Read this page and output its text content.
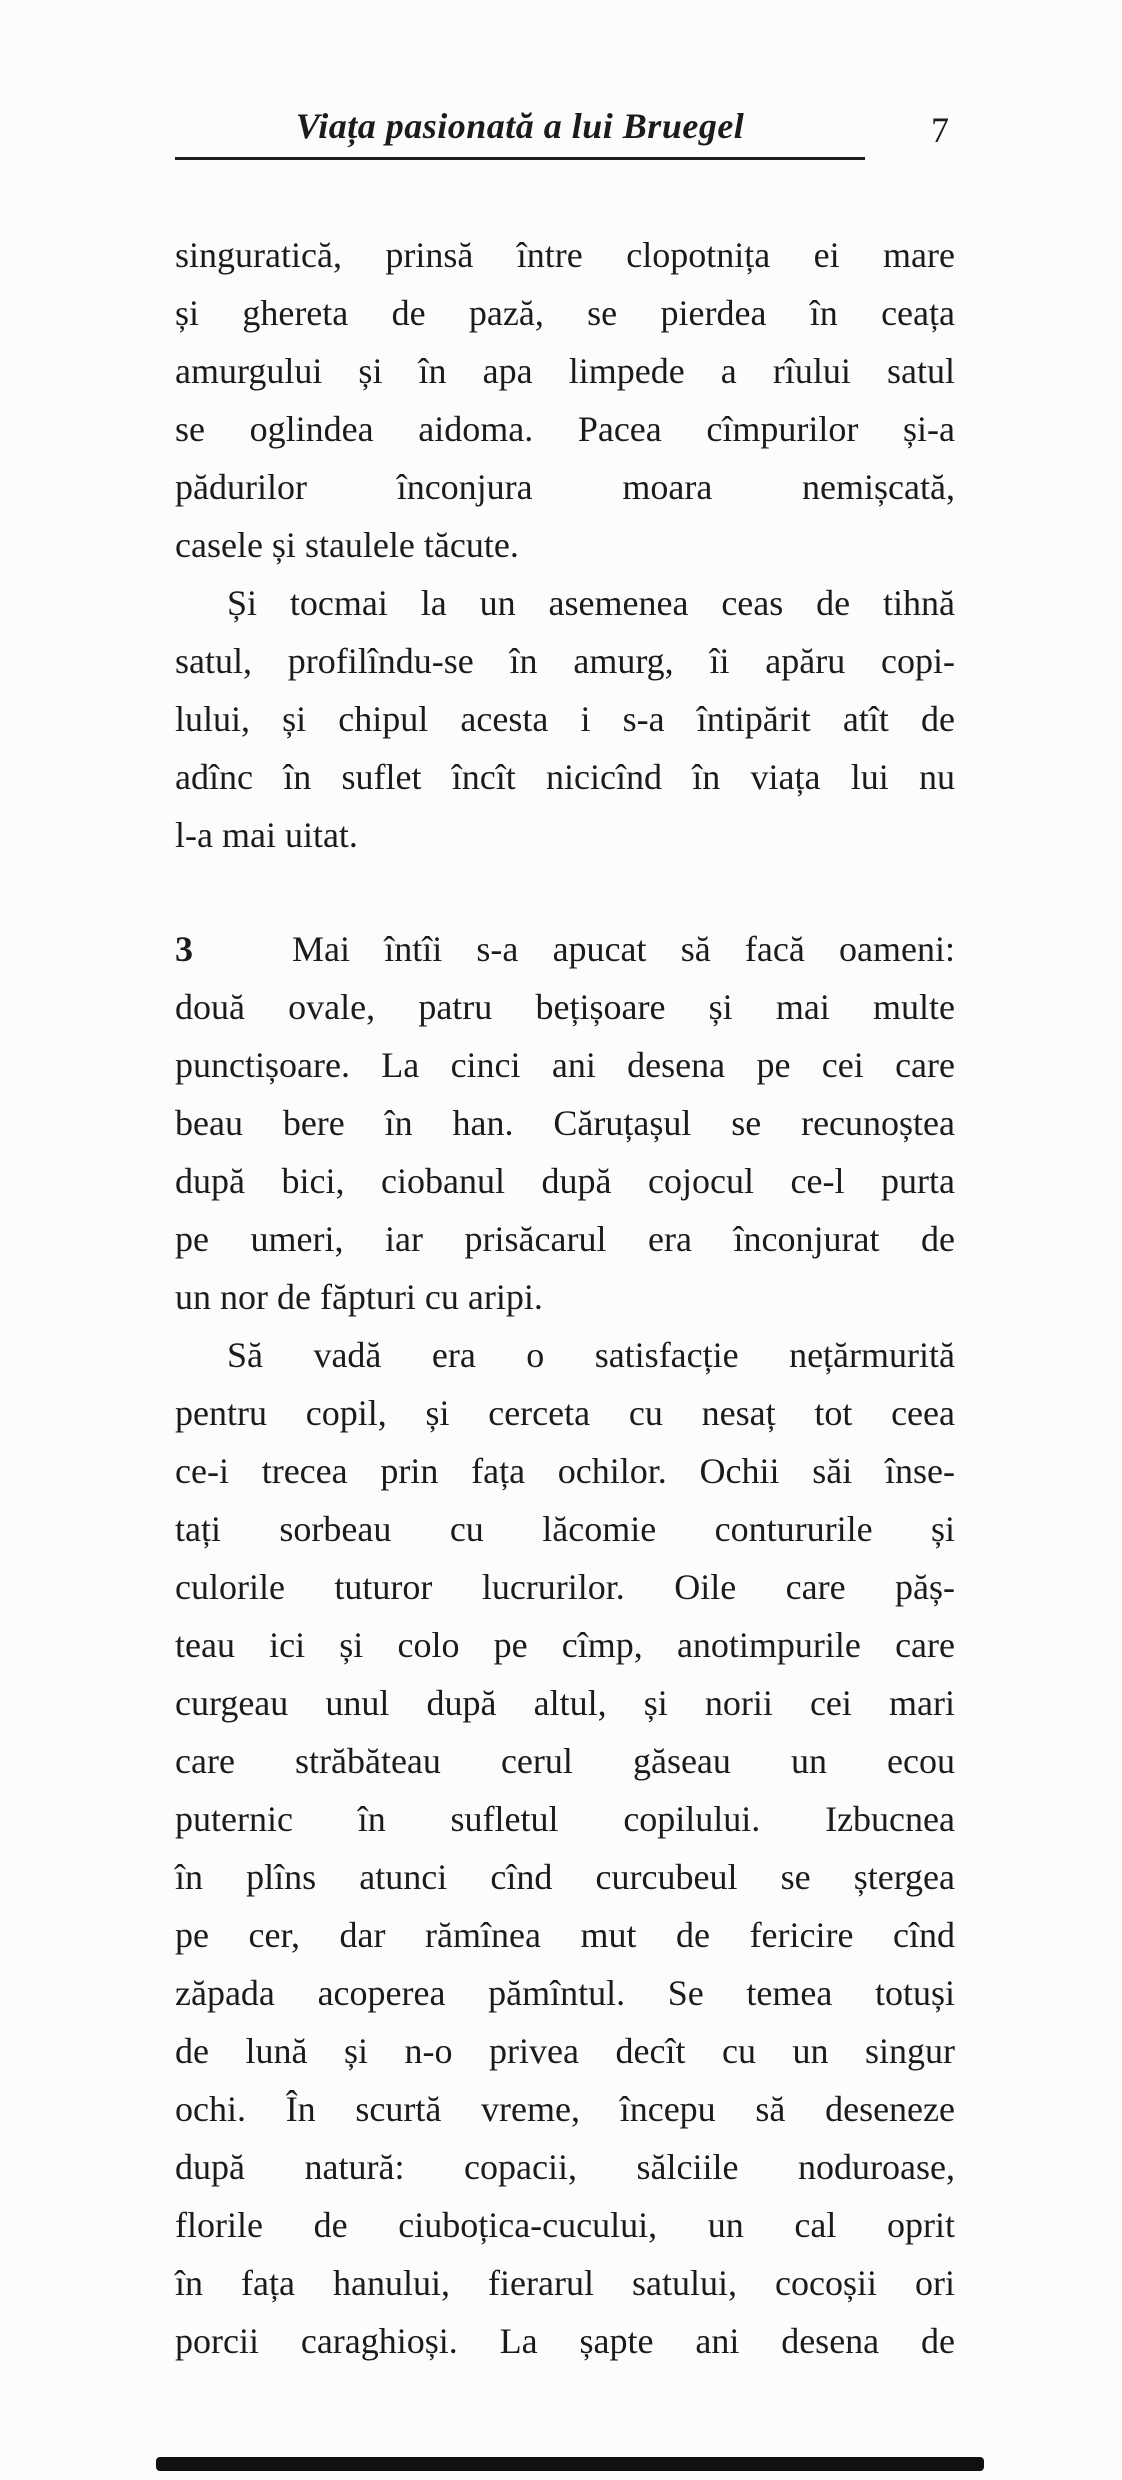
Viața pasionată a lui Bruegel	7
singuratică, prinsă între clopotnița ei mare
și ghereta de pază, se pierdea în ceața
amurgului și în apa limpede a rîului satul
se oglindea aidoma. Pacea cîmpurilor și-a
pădurilor înconjura moara nemișcată,
casele și staulele tăcute.
Și tocmai la un asemenea ceas de tihnă
satul, profilîndu-se în amurg, îi apăru copi-
lului, și chipul acesta i s-a întipărit atît de
adînc în suflet încît nicicînd în viața lui nu
l-a mai uitat.
3	Mai întîi s-a apucat să facă oameni:
două ovale, patru bețișoare și mai multe
punctișoare. La cinci ani desena pe cei care
beau bere în han. Căruțașul se recunoștea
după bici, ciobanul după cojocul ce-l purta
pe umeri, iar prisăcarul era înconjurat de
un nor de făpturi cu aripi.
Să vadă era o satisfacție nețărmurită
pentru copil, și cerceta cu nesaț tot ceea
ce-i trecea prin fața ochilor. Ochii săi înse-
tați sorbeau cu lăcomie contururile și
culorile tuturor lucrurilor. Oile care păș-
teau ici și colo pe cîmp, anotimpurile care
curgeau unul după altul, și norii cei mari
care străbăteau cerul găseau un ecou
puternic în sufletul copilului. Izbucnea
în plîns atunci cînd curcubeul se ștergea
pe cer, dar rămînea mut de fericire cînd
zăpada acoperea pămîntul. Se temea totuși
de lună și n-o privea decît cu un singur
ochi. În scurtă vreme, începu să deseneze
după natură: copacii, sălciile noduroase,
florile de ciuboțica-cucului, un cal oprit
în fața hanului, fierarul satului, cocoșii ori
porcii caraghioși. La șapte ani desena de
